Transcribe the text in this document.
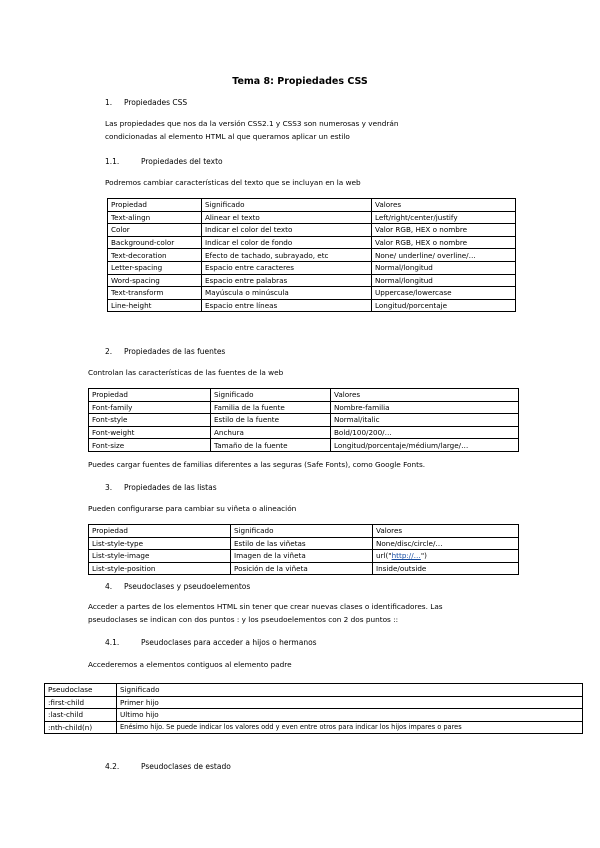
Tema 8: Propiedades CSS
1. Propiedades CSS
Las propiedades que nos da la versión CSS2.1 y CSS3 son numerosas y vendrán
condicionadas al elemento HTML al que queramos aplicar un estilo
1.1.	Propiedades del texto
Podremos cambiar características del texto que se incluyan en la web
Propiedad	Significado	Valores
Text-alingn	Alinear el texto	Left/right/center/justify
Color	Indicar el color del texto	Valor RGB, HEX o nombre
Background-color	Indicar el color de fondo	Valor RGB, HEX o nombre
Text-decoration	Efecto de tachado, subrayado, etc	None/ underline/ overline/…
Letter-spacing	Espacio entre caracteres	Normal/longitud
Word-spacing	Espacio entre palabras	Normal/longitud
Text-transform	Mayúscula o minúscula	Uppercase/lowercase
Line-height	Espacio entre líneas	Longitud/porcentaje
2. Propiedades de las fuentes
Controlan las características de las fuentes de la web
Propiedad	Significado	Valores
Font-family	Familia de la fuente	Nombre-familia
Font-style	Estilo de la fuente	Normal/italic
Font-weight	Anchura	Bold/100/200/…
Font-size	Tamaño de la fuente	Longitud/porcentaje/médium/large/…
Puedes cargar fuentes de familias diferentes a las seguras (Safe Fonts), como Google Fonts.
3. Propiedades de las listas
Pueden configurarse para cambiar su viñeta o alineación
Propiedad	Significado	Valores
List-style-type	Estilo de las viñetas	None/disc/circle/…
List-style-image	Imagen de la viñeta	url("http://…")
List-style-position	Posición de la viñeta	Inside/outside
4. Pseudoclases y pseudoelementos
Acceder a partes de los elementos HTML sin tener que crear nuevas clases o identificadores. Las
pseudoclases se indican con dos puntos : y los pseudoelementos con 2 dos puntos ::
4.1.	Pseudoclases para acceder a hijos o hermanos
Accederemos a elementos contiguos al elemento padre
Pseudoclase	Significado
:first-child	Primer hijo
:last-child	Ultimo hijo
:nth-child(n)	Enésimo hijo. Se puede indicar los valores odd y even entre otros para indicar los hijos impares o pares
4.2.	Pseudoclases de estado
